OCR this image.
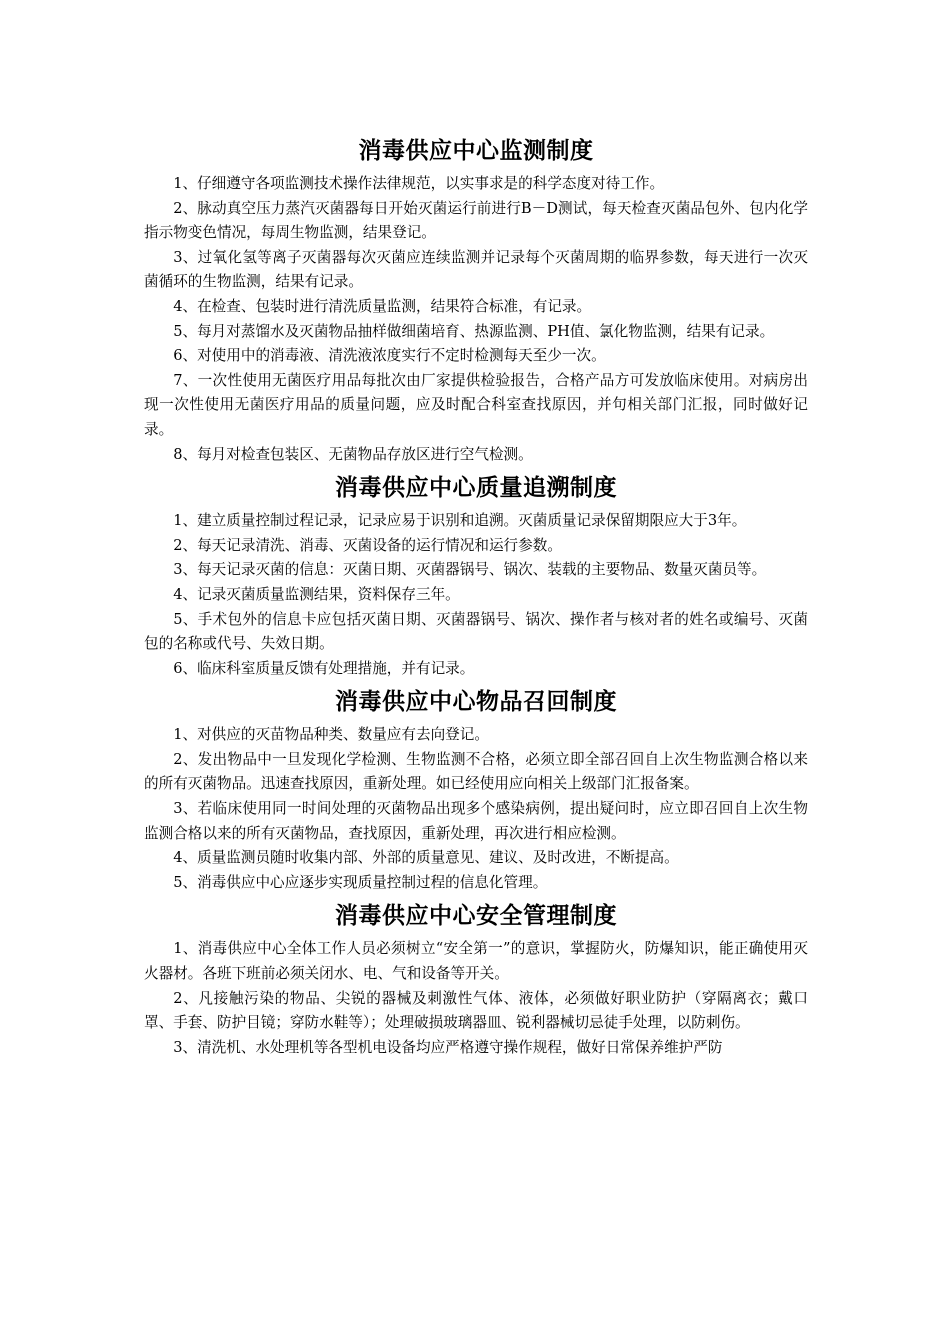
消毒供应中心监测制度

1、仔细遵守各项监测技术操作法律规范，以实事求是的科学态度对待工作。

2、脉动真空压力蒸汽灭菌器每日开始灭菌运行前进行B－D测试，每天检查灭菌品包外、包内化学指示物变色情况，每周生物监测，结果登记。

3、过氧化氢等离子灭菌器每次灭菌应连续监测并记录每个灭菌周期的临界参数，每天进行一次灭菌循环的生物监测，结果有记录。

4、在检查、包装时进行清洗质量监测，结果符合标准，有记录。

5、每月对蒸馏水及灭菌物品抽样做细菌培育、热源监测、PH值、氯化物监测，结果有记录。

6、对使用中的消毒液、清洗液浓度实行不定时检测每天至少一次。

7、一次性使用无菌医疗用品每批次由厂家提供检验报告，合格产品方可发放临床使用。对病房出现一次性使用无菌医疗用品的质量问题，应及时配合科室查找原因，并句相关部门汇报，同时做好记录。

8、每月对检查包装区、无菌物品存放区进行空气检测。

消毒供应中心质量追溯制度

1、建立质量控制过程记录，记录应易于识别和追溯。灭菌质量记录保留期限应大于3年。

2、每天记录清洗、消毒、灭菌设备的运行情况和运行参数。

3、每天记录灭菌的信息：灭菌日期、灭菌器锅号、锅次、装载的主要物品、数量灭菌员等。

4、记录灭菌质量监测结果，资料保存三年。

5、手术包外的信息卡应包括灭菌日期、灭菌器锅号、锅次、操作者与核对者的姓名或编号、灭菌包的名称或代号、失效日期。

6、临床科室质量反馈有处理措施，并有记录。

消毒供应中心物品召回制度

1、对供应的灭苗物品种类、数量应有去向登记。

2、发出物品中一旦发现化学检测、生物监测不合格，必须立即全部召回自上次生物监测合格以来的所有灭菌物品。迅速查找原因，重新处理。如已经使用应向相关上级部门汇报备案。

3、若临床使用同一时间处理的灭菌物品出现多个感染病例，提出疑问时，应立即召回自上次生物监测合格以来的所有灭菌物品，查找原因，重新处理，再次进行相应检测。

4、质量监测员随时收集内部、外部的质量意见、建议、及时改进，不断提高。

5、消毒供应中心应逐步实现质量控制过程的信息化管理。

消毒供应中心安全管理制度

1、消毒供应中心全体工作人员必须树立“安全第一”的意识，掌握防火，防爆知识，能正确使用灭火器材。各班下班前必须关闭水、电、气和设备等开关。

2、凡接触污染的物品、尖锐的器械及刺激性气体、液体，必须做好职业防护（穿隔离衣；戴口罩、手套、防护目镜；穿防水鞋等）；处理破损玻璃器皿、锐利器械切忌徒手处理，以防刺伤。

3、清洗机、水处理机等各型机电设备均应严格遵守操作规程，做好日常保养维护严防
